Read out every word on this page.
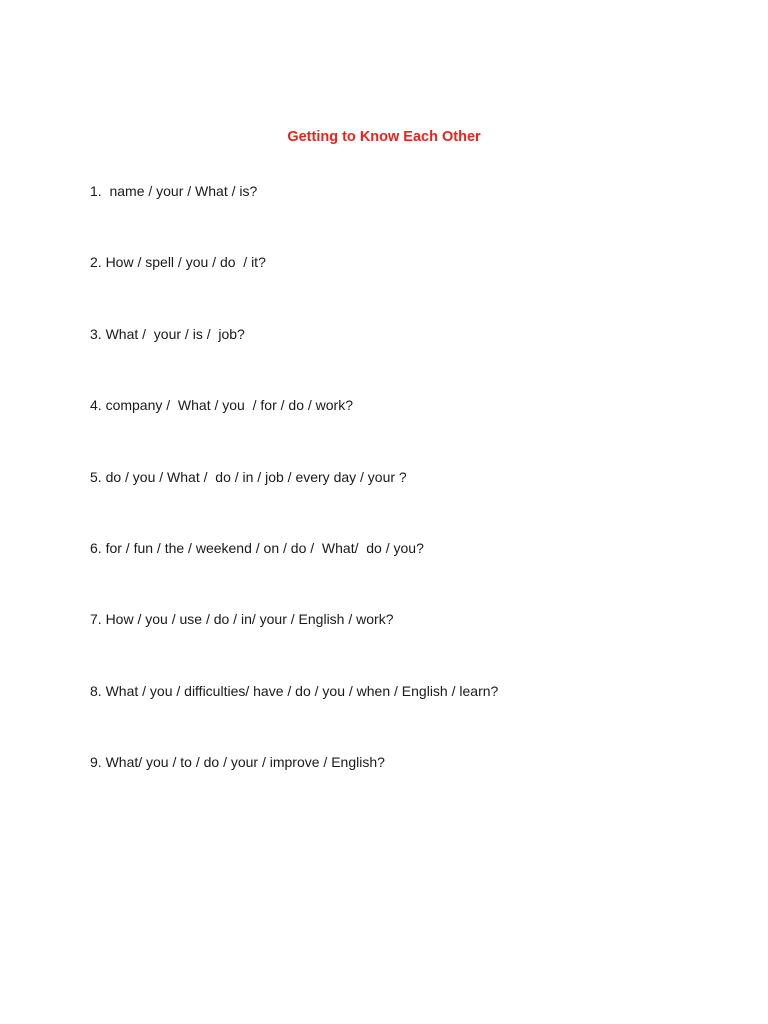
Getting to Know Each Other
1.  name / your / What / is?
2. How / spell / you / do  / it?
3. What /  your / is /  job?
4. company /  What / you  / for / do / work?
5. do / you / What /  do / in / job / every day / your ?
6. for / fun / the / weekend / on / do /  What/  do / you?
7. How / you / use / do / in/ your / English / work?
8. What / you / difficulties/ have / do / you / when / English / learn?
9. What/ you / to / do / your / improve / English?
